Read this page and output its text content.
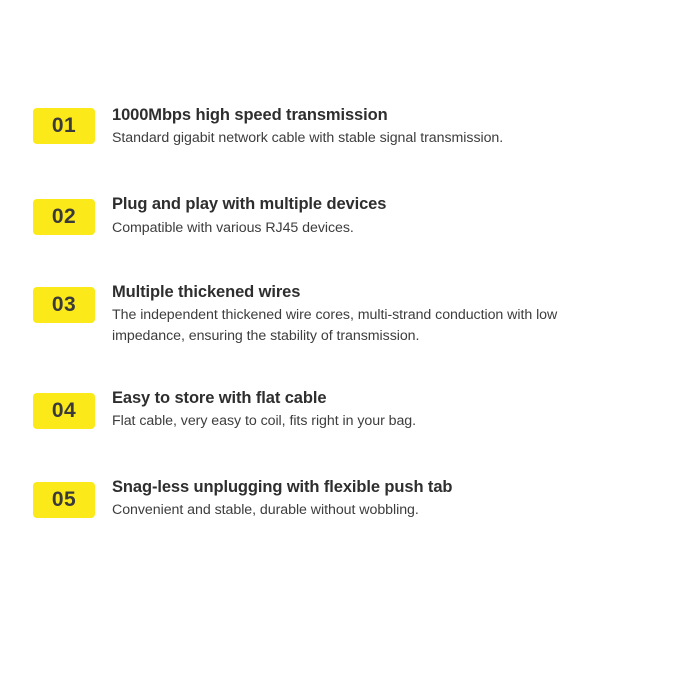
01	1000Mbps high speed transmission

Standard gigabit network cable with stable signal transmission.

02

Plug and play with multiple devices

Compatible with various RJ45 devices.

03

Multiple thickened wires

The independent thickened wire cores, multi-strand conduction with low impedance, ensuring the stability of transmission.

04

Easy to store with flat cable

Flat cable, very easy to coil, fits right in your bag.

05

Snag-less unplugging with flexible push tab

Convenient and stable, durable without wobbling.
